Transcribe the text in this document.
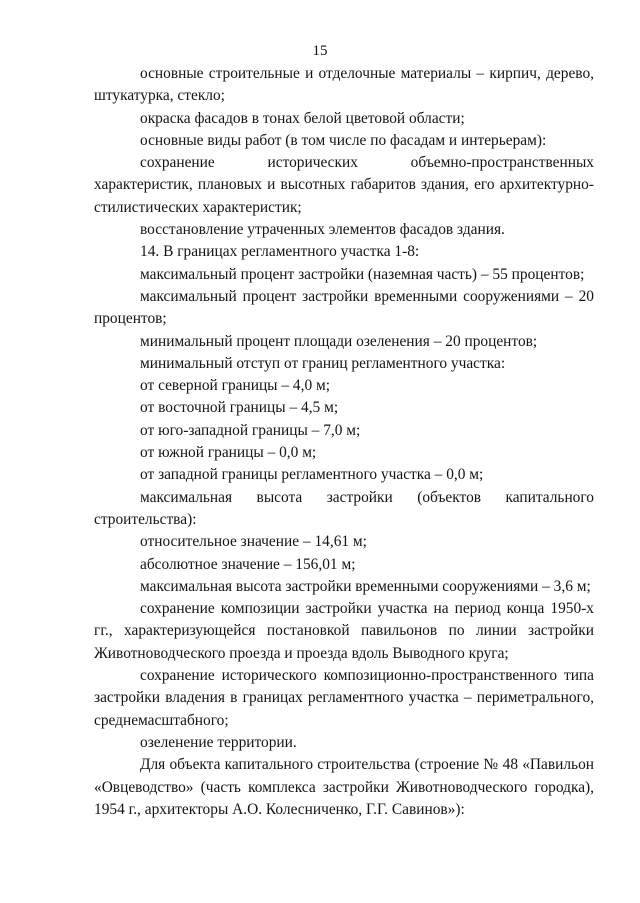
15

основные строительные и отделочные материалы – кирпич, дерево, штукатурка, стекло;

окраска фасадов в тонах белой цветовой области;

основные виды работ (в том числе по фасадам и интерьерам):

сохранение исторических объемно-пространственных характеристик, плановых и высотных габаритов здания, его архитектурно-стилистических характеристик;

восстановление утраченных элементов фасадов здания.

14. В границах регламентного участка 1-8:

максимальный процент застройки (наземная часть) – 55 процентов;

максимальный процент застройки временными сооружениями – 20 процентов;

минимальный процент площади озеленения – 20 процентов;

минимальный отступ от границ регламентного участка:

от северной границы – 4,0 м;

от восточной границы – 4,5 м;

от юго-западной границы – 7,0 м;

от южной границы – 0,0 м;

от западной границы регламентного участка – 0,0 м;

максимальная высота застройки (объектов капитального строительства):

относительное значение – 14,61 м;

абсолютное значение – 156,01 м;

максимальная высота застройки временными сооружениями – 3,6 м;

сохранение композиции застройки участка на период конца 1950-х гг., характеризующейся постановкой павильонов по линии застройки Животноводческого проезда и проезда вдоль Выводного круга;

сохранение исторического композиционно-пространственного типа застройки владения в границах регламентного участка – периметрального, среднемасштабного;

озеленение территории.

Для объекта капитального строительства (строение № 48 «Павильон «Овцеводство» (часть комплекса застройки Животноводческого городка), 1954 г., архитекторы А.О. Колесниченко, Г.Г. Савинов»):
